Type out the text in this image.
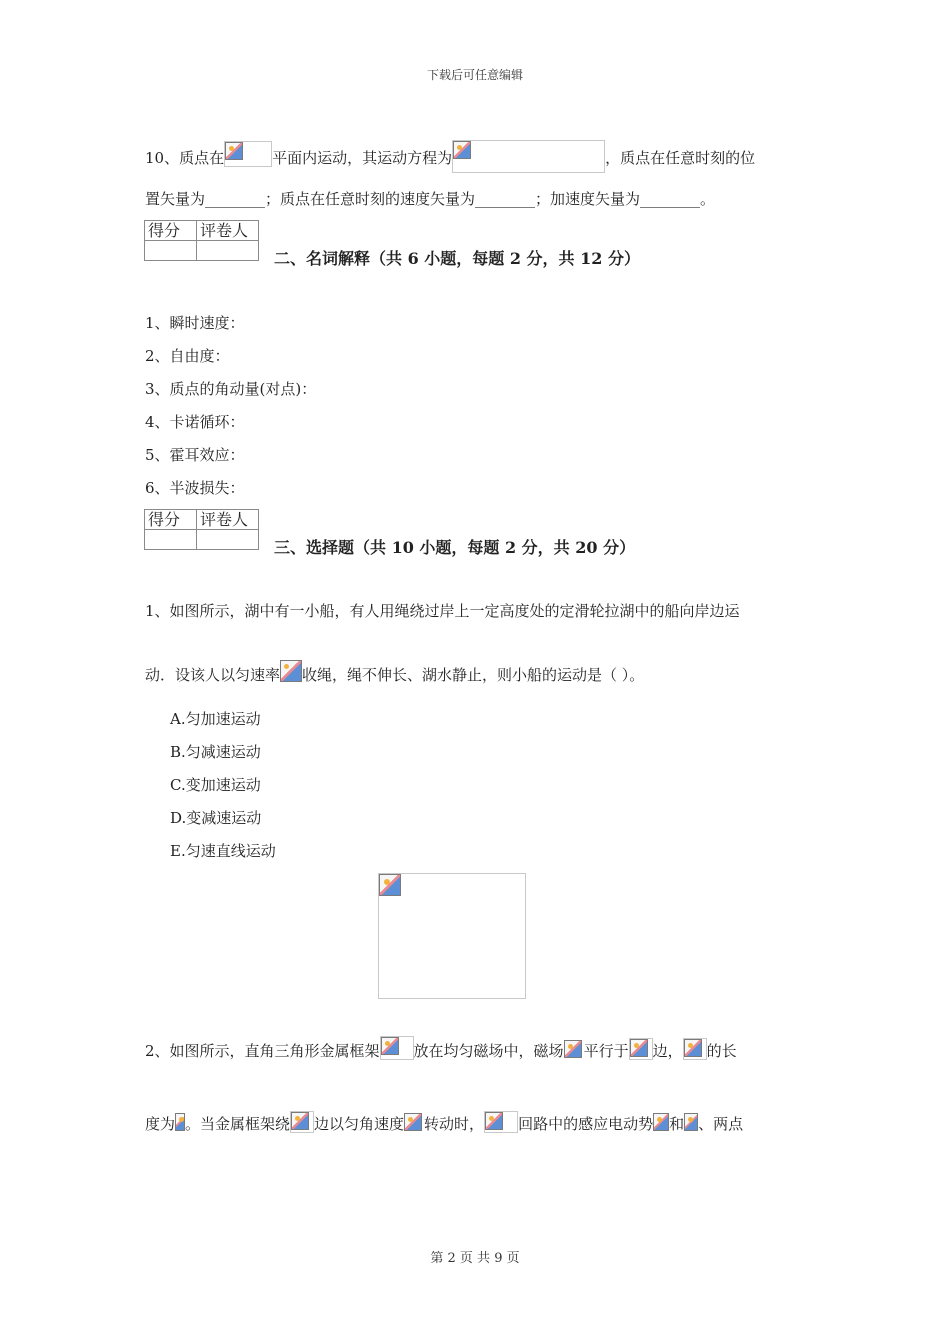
下载后可任意编辑
10、质点在	平面内运动，其运动方程为	，质点在任意时刻的位
置矢量为________；质点在任意时刻的速度矢量为________；加速度矢量为________。
得分	评卷人

二、名词解释（共 6 小题，每题 2 分，共 12 分）
1、瞬时速度：
2、自由度：
3、质点的角动量(对点)：
4、卡诺循环：
5、霍耳效应：
6、半波损失：
得分	评卷人

三、选择题（共 10 小题，每题 2 分，共 20 分）
1、如图所示，湖中有一小船，有人用绳绕过岸上一定高度处的定滑轮拉湖中的船向岸边运
动．设该人以匀速率 收绳，绳不伸长、湖水静止，则小船的运动是（ ）。
A.匀加速运动
B.匀减速运动
C.变加速运动
D.变减速运动
E.匀速直线运动
2、如图所示，直角三角形金属框架 放在均匀磁场中，磁场 平行于 边， 的长
度为 。当金属框架绕 边以匀角速度 转动时， 回路中的感应电动势 和 、两点
第 2 页 共 9 页
